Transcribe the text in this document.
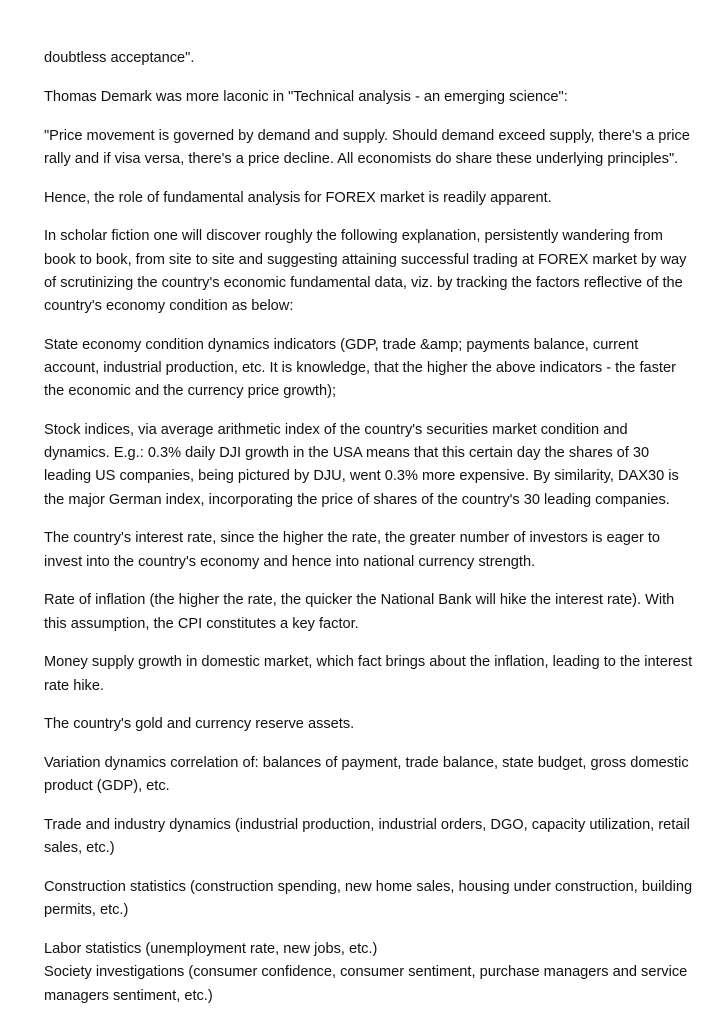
doubtless acceptance".

Thomas Demark was more laconic in "Technical analysis - an emerging science":

"Price movement is governed by demand and supply. Should demand exceed supply, there's a price rally and if visa versa, there's a price decline. All economists do share these underlying principles".

Hence, the role of fundamental analysis for FOREX market is readily apparent.

In scholar fiction one will discover roughly the following explanation, persistently wandering from book to book, from site to site and suggesting attaining successful trading at FOREX market by way of scrutinizing the country's economic fundamental data, viz. by tracking the factors reflective of the country's economy condition as below:

State economy condition dynamics indicators (GDP, trade &amp; payments balance, current account, industrial production, etc. It is knowledge, that the higher the above indicators - the faster the economic and the currency price growth);

Stock indices, via average arithmetic index of the country's securities market condition and dynamics. E.g.: 0.3% daily DJI growth in the USA means that this certain day the shares of 30 leading US companies, being pictured by DJU, went 0.3% more expensive. By similarity, DAX30 is the major German index, incorporating the price of shares of the country's 30 leading companies.

The country's interest rate, since the higher the rate, the greater number of investors is eager to invest into the country's economy and hence into national currency strength.

Rate of inflation (the higher the rate, the quicker the National Bank will hike the interest rate). With this assumption, the CPI constitutes a key factor.

Money supply growth in domestic market, which fact brings about the inflation, leading to the interest rate hike.

The country's gold and currency reserve assets.

Variation dynamics correlation of: balances of payment, trade balance, state budget, gross domestic product (GDP), etc.

Trade and industry dynamics (industrial production, industrial orders, DGO, capacity utilization, retail sales, etc.)

Construction statistics (construction spending, new home sales, housing under construction, building permits, etc.)

Labor statistics (unemployment rate, new jobs, etc.)

Society investigations (consumer confidence, consumer sentiment, purchase managers and service managers sentiment, etc.)
